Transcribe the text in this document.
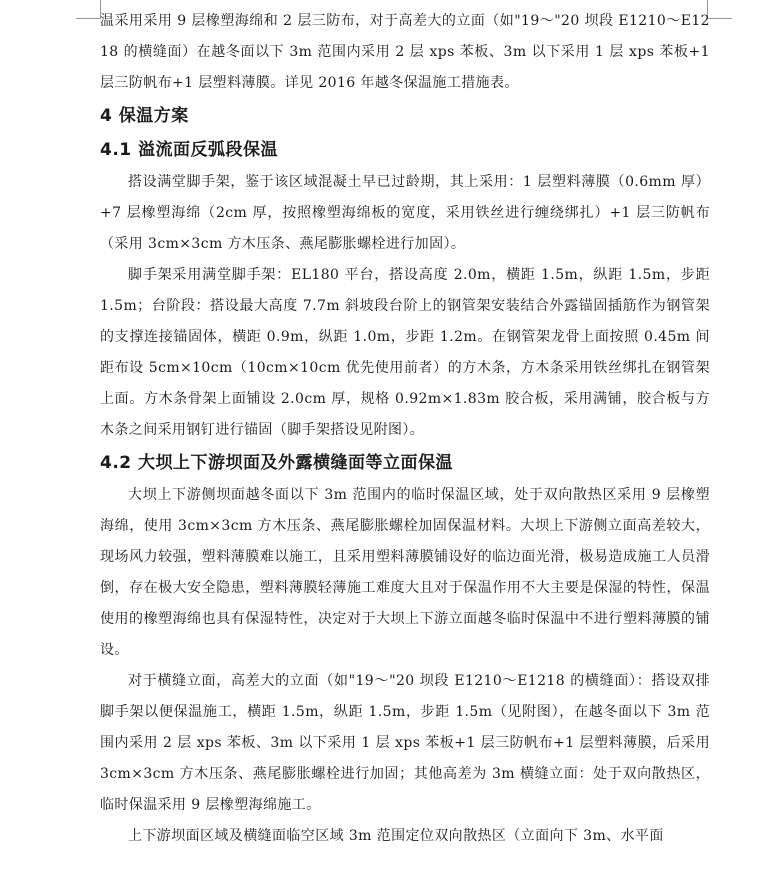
温采用采用 9 层橡塑海绵和 2 层三防布，对于高差大的立面（如"19～"20 坝段 E1210～E1218 的横缝面）在越冬面以下 3m 范围内采用 2 层 xps 苯板、3m 以下采用 1 层 xps 苯板+1 层三防帆布+1 层塑料薄膜。详见 2016 年越冬保温施工措施表。

4 保温方案
4.1 溢流面反弧段保温

搭设满堂脚手架，鉴于该区域混凝土早已过龄期，其上采用：1 层塑料薄膜（0.6mm 厚）+7 层橡塑海绵（2cm 厚，按照橡塑海绵板的宽度，采用铁丝进行缠绕绑扎）+1 层三防帆布（采用 3cm×3cm 方木压条、燕尾膨胀螺栓进行加固）。

脚手架采用满堂脚手架：EL180 平台，搭设高度 2.0m，横距 1.5m，纵距 1.5m，步距 1.5m；台阶段：搭设最大高度 7.7m 斜坡段台阶上的钢管架安装结合外露锚固插筋作为钢管架的支撑连接锚固体，横距 0.9m，纵距 1.0m，步距 1.2m。在钢管架龙骨上面按照 0.45m 间距布设 5cm×10cm（10cm×10cm 优先使用前者）的方木条，方木条采用铁丝绑扎在钢管架上面。方木条骨架上面铺设 2.0cm 厚，规格 0.92m×1.83m 胶合板，采用满铺，胶合板与方木条之间采用钢钉进行锚固（脚手架搭设见附图）。

4.2 大坝上下游坝面及外露横缝面等立面保温

大坝上下游侧坝面越冬面以下 3m 范围内的临时保温区域，处于双向散热区采用 9 层橡塑海绵，使用 3cm×3cm 方木压条、燕尾膨胀螺栓加固保温材料。大坝上下游侧立面高差较大，现场风力较强，塑料薄膜难以施工，且采用塑料薄膜铺设好的临边面光滑，极易造成施工人员滑倒，存在极大安全隐患，塑料薄膜轻薄施工难度大且对于保温作用不大主要是保湿的特性，保温使用的橡塑海绵也具有保湿特性，决定对于大坝上下游立面越冬临时保温中不进行塑料薄膜的铺设。

对于横缝立面，高差大的立面（如"19～"20 坝段 E1210～E1218 的横缝面）：搭设双排脚手架以便保温施工，横距 1.5m，纵距 1.5m，步距 1.5m（见附图），在越冬面以下 3m 范围内采用 2 层 xps 苯板、3m 以下采用 1 层 xps 苯板+1 层三防帆布+1 层塑料薄膜，后采用 3cm×3cm 方木压条、燕尾膨胀螺栓进行加固；其他高差为 3m 横缝立面：处于双向散热区，临时保温采用 9 层橡塑海绵施工。

上下游坝面区域及横缝面临空区域 3m 范围定位双向散热区（立面向下 3m、水平面
